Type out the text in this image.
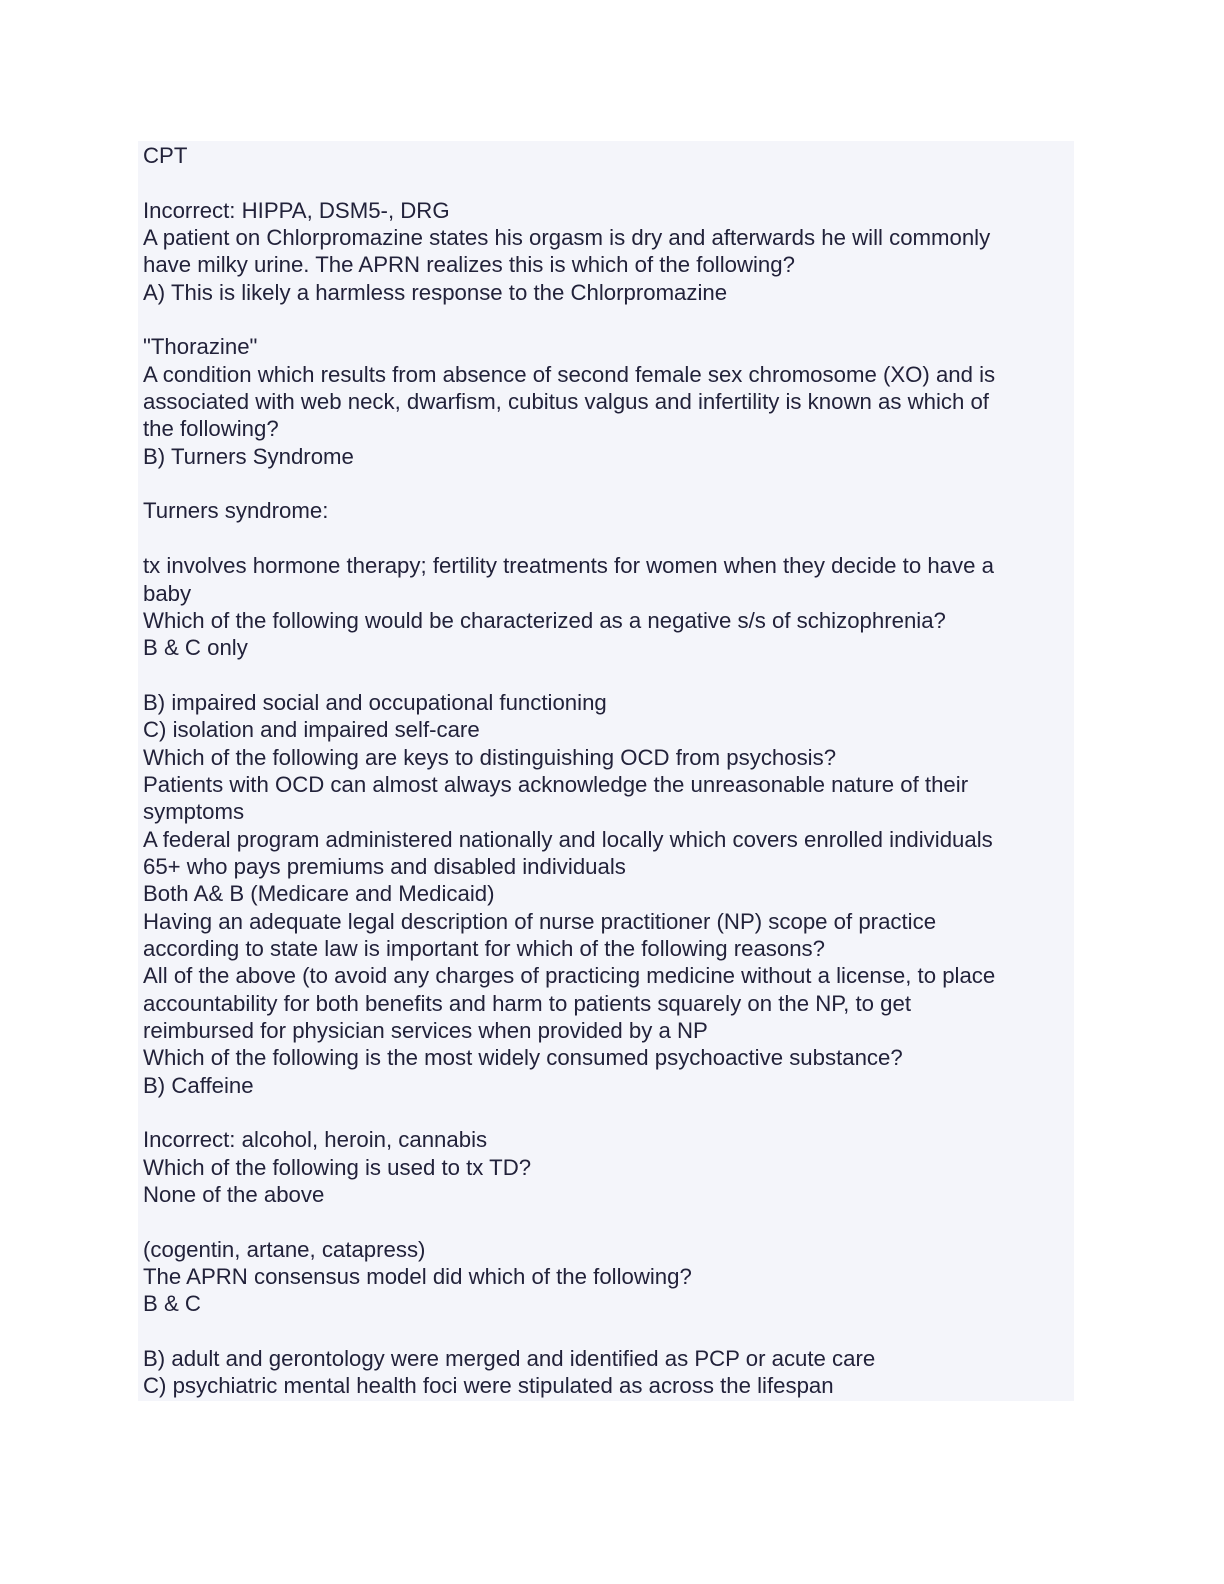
CPT
Incorrect: HIPPA, DSM5-, DRG
A patient on Chlorpromazine states his orgasm is dry and afterwards he will commonly
have milky urine. The APRN realizes this is which of the following?
A) This is likely a harmless response to the Chlorpromazine
"Thorazine"
A condition which results from absence of second female sex chromosome (XO) and is
associated with web neck, dwarfism, cubitus valgus and infertility is known as which of
the following?
B) Turners Syndrome
Turners syndrome:
tx involves hormone therapy; fertility treatments for women when they decide to have a
baby
Which of the following would be characterized as a negative s/s of schizophrenia?
B & C only
B) impaired social and occupational functioning
C) isolation and impaired self-care
Which of the following are keys to distinguishing OCD from psychosis?
Patients with OCD can almost always acknowledge the unreasonable nature of their
symptoms
A federal program administered nationally and locally which covers enrolled individuals
65+ who pays premiums and disabled individuals
Both A& B (Medicare and Medicaid)
Having an adequate legal description of nurse practitioner (NP) scope of practice
according to state law is important for which of the following reasons?
All of the above (to avoid any charges of practicing medicine without a license, to place
accountability for both benefits and harm to patients squarely on the NP, to get
reimbursed for physician services when provided by a NP
Which of the following is the most widely consumed psychoactive substance?
B) Caffeine
Incorrect: alcohol, heroin, cannabis
Which of the following is used to tx TD?
None of the above
(cogentin, artane, catapress)
The APRN consensus model did which of the following?
B & C
B) adult and gerontology were merged and identified as PCP or acute care
C) psychiatric mental health foci were stipulated as across the lifespan
